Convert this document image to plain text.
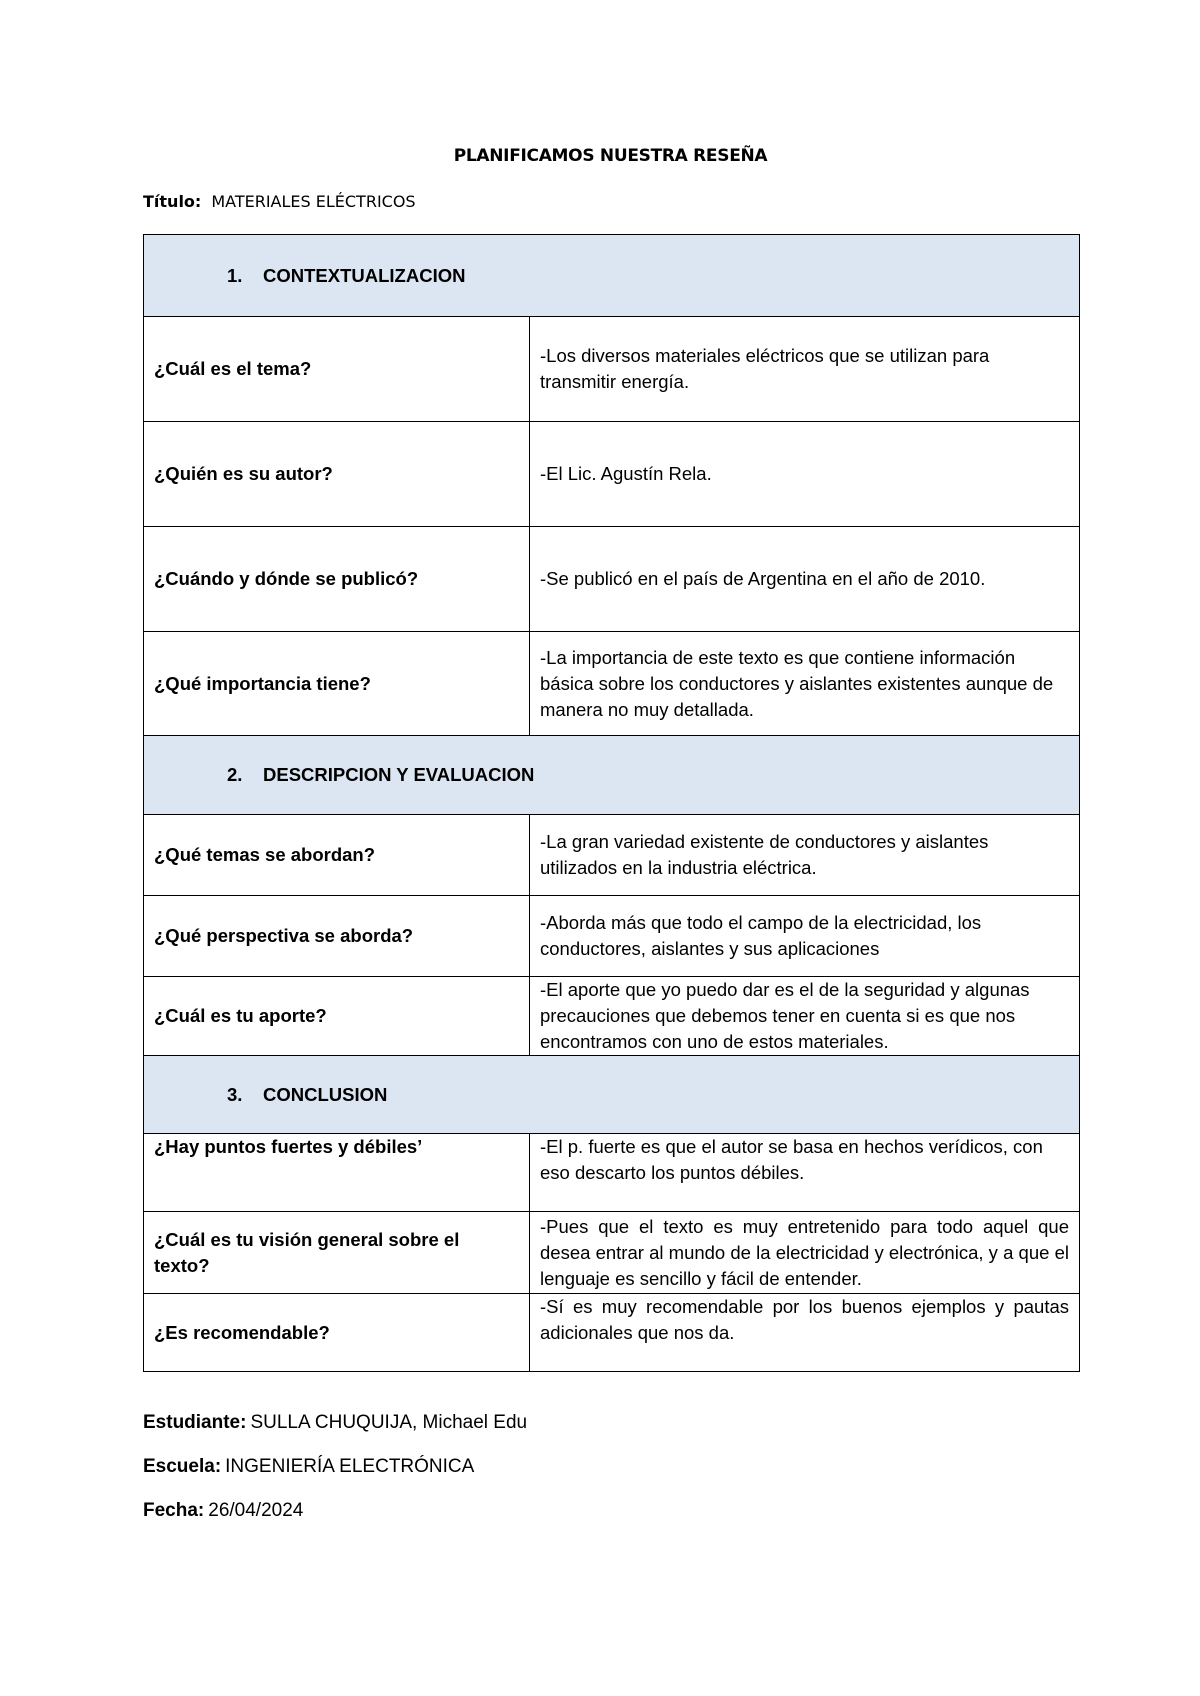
PLANIFICAMOS NUESTRA RESEÑA
Título: MATERIALES ELÉCTRICOS
1. CONTEXTUALIZACION	
¿Cuál es el tema?	-Los diversos materiales eléctricos que se utilizan para transmitir energía.
¿Quién es su autor?	-El Lic. Agustín Rela.
¿Cuándo y dónde se publicó?	-Se publicó en el país de Argentina en el año de 2010.
¿Qué importancia tiene?	-La importancia de este texto es que contiene información básica sobre los conductores y aislantes existentes aunque de manera no muy detallada.
2. DESCRIPCION Y EVALUACION	
¿Qué temas se abordan?	-La gran variedad existente de conductores y aislantes utilizados en la industria eléctrica.
¿Qué perspectiva se aborda?	-Aborda más que todo el campo de la electricidad, los conductores, aislantes y sus aplicaciones
¿Cuál es tu aporte?	-El aporte que yo puedo dar es el de la seguridad y algunas precauciones que debemos tener en cuenta si es que nos encontramos con uno de estos materiales.
3. CONCLUSION	
¿Hay puntos fuertes y débiles’	-El p. fuerte es que el autor se basa en hechos verídicos, con eso descarto los puntos débiles.
¿Cuál es tu visión general sobre el texto?	-Pues que el texto es muy entretenido para todo aquel que desea entrar al mundo de la electricidad y electrónica, y a que el lenguaje es sencillo y fácil de entender.
¿Es recomendable?	-Sí es muy recomendable por los buenos ejemplos y pautas adicionales que nos da.
Estudiante: SULLA CHUQUIJA, Michael Edu
Escuela: INGENIERÍA ELECTRÓNICA
Fecha: 26/04/2024
